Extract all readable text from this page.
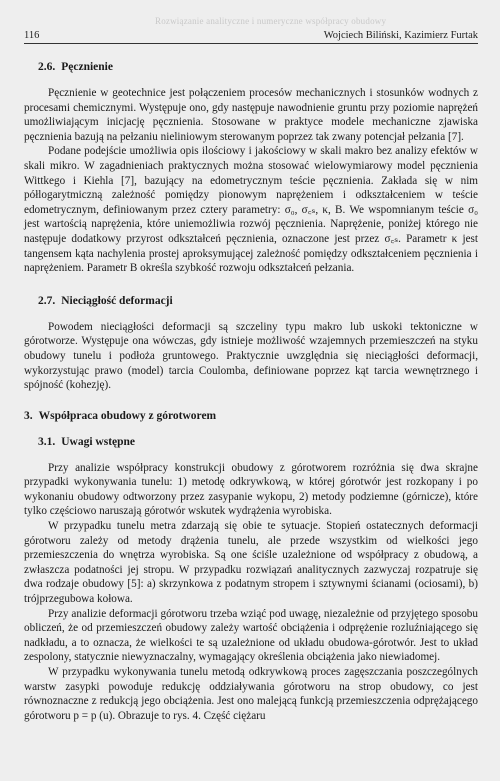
Rozwiązanie analityczne i numeryczne współpracy obudowy
116	Wojciech Biliński, Kazimierz Furtak
2.6. Pęcznienie

Pęcznienie w geotechnice jest połączeniem procesów mechanicznych i stosunków wodnych z procesami chemicznymi. Występuje ono, gdy następuje nawodnienie gruntu przy poziomie naprężeń umożliwiającym inicjację pęcznienia. Stosowane w praktyce modele mechaniczne zjawiska pęcznienia bazują na pełzaniu nieliniowym sterowanym poprzez tak zwany potencjał pełzania [7].

Podane podejście umożliwia opis ilościowy i jakościowy w skali makro bez analizy efektów w skali mikro. W zagadnieniach praktycznych można stosować wielowymiarowy model pęcznienia Wittkego i Kiehla [7], bazujący na edometrycznym teście pęcznienia. Zakłada się w nim półlogarytmiczną zależność pomiędzy pionowym naprężeniem i odkształceniem w teście edometrycznym, definiowanym przez cztery parametry: σ₀, σ꜀ₛ, κ, B. We wspomnianym teście σ₀ jest wartością naprężenia, które uniemożliwia rozwój pęcznienia. Naprężenie, poniżej którego nie następuje dodatkowy przyrost odkształceń pęcznienia, oznaczone jest przez σ꜀ₛ. Parametr κ jest tangensem kąta nachylenia prostej aproksymującej zależność pomiędzy odkształceniem pęcznienia i naprężeniem. Parametr B określa szybkość rozwoju odkształceń pełzania.

2.7. Nieciągłość deformacji

Powodem nieciągłości deformacji są szczeliny typu makro lub uskoki tektoniczne w górotworze. Występuje ona wówczas, gdy istnieje możliwość wzajemnych przemieszczeń na styku obudowy tunelu i podłoża gruntowego. Praktycznie uwzględnia się nieciągłości deformacji, wykorzystując prawo (model) tarcia Coulomba, definiowane poprzez kąt tarcia wewnętrznego i spójność (kohezję).

3. Współpraca obudowy z górotworem
3.1. Uwagi wstępne

Przy analizie współpracy konstrukcji obudowy z górotworem rozróżnia się dwa skrajne przypadki wykonywania tunelu: 1) metodę odkrywkową, w której górotwór jest rozkopany i po wykonaniu obudowy odtworzony przez zasypanie wykopu, 2) metody podziemne (górnicze), które tylko częściowo naruszają górotwór wskutek wydrążenia wyrobiska.

W przypadku tunelu metra zdarzają się obie te sytuacje. Stopień ostatecznych deformacji górotworu zależy od metody drążenia tunelu, ale przede wszystkim od wielkości jego przemieszczenia do wnętrza wyrobiska. Są one ściśle uzależnione od współpracy z obudową, a zwłaszcza podatności jej stropu. W przypadku rozwiązań analitycznych zazwyczaj rozpatruje się dwa rodzaje obudowy [5]: a) skrzynkowa z podatnym stropem i sztywnymi ścianami (ociosami), b) trójprzegubowa kołowa.

Przy analizie deformacji górotworu trzeba wziąć pod uwagę, niezależnie od przyjętego sposobu obliczeń, że od przemieszczeń obudowy zależy wartość obciążenia i odprężenie rozluźniającego się nadkładu, a to oznacza, że wielkości te są uzależnione od układu obudowa-górotwór. Jest to układ zespolony, statycznie niewyznaczalny, wymagający określenia obciążenia jako niewiadomej.

W przypadku wykonywania tunelu metodą odkrywkową proces zagęszczania poszczególnych warstw zasypki powoduje redukcję oddziaływania górotworu na strop obudowy, co jest równoznaczne z redukcją jego obciążenia. Jest ono malejącą funkcją przemieszczenia odprężającego górotworu p = p (u). Obrazuje to rys. 4. Część ciężaru
